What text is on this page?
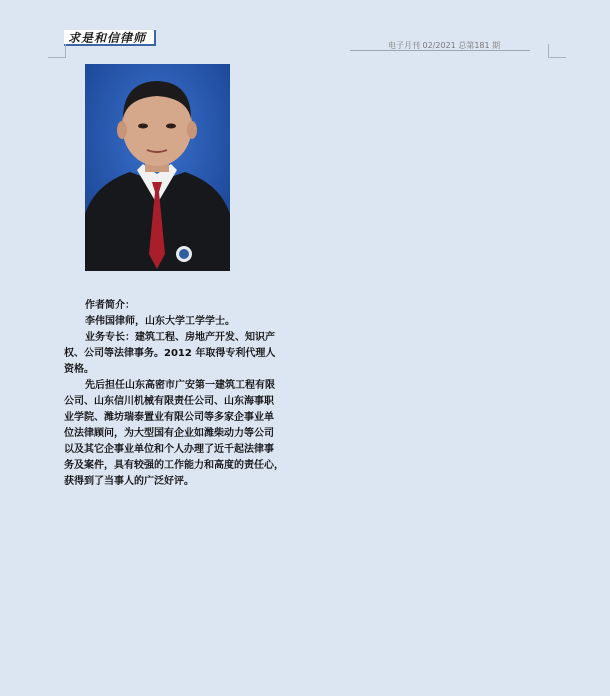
求是和信律师
电子月刊 02/2021 总第181 期

作者简介：

李伟国律师，山东大学工学学士。

业务专长：建筑工程、房地产开发、知识产

权、公司等法律事务。2012 年取得专利代理人

资格。

先后担任山东高密市广安第一建筑工程有限

公司、山东信川机械有限责任公司、山东海事职

业学院、潍坊瑞泰置业有限公司等多家企事业单

位法律顾问，为大型国有企业如潍柴动力等公司

以及其它企事业单位和个人办理了近千起法律事

务及案件，具有较强的工作能力和高度的责任心，

获得到了当事人的广泛好评。
